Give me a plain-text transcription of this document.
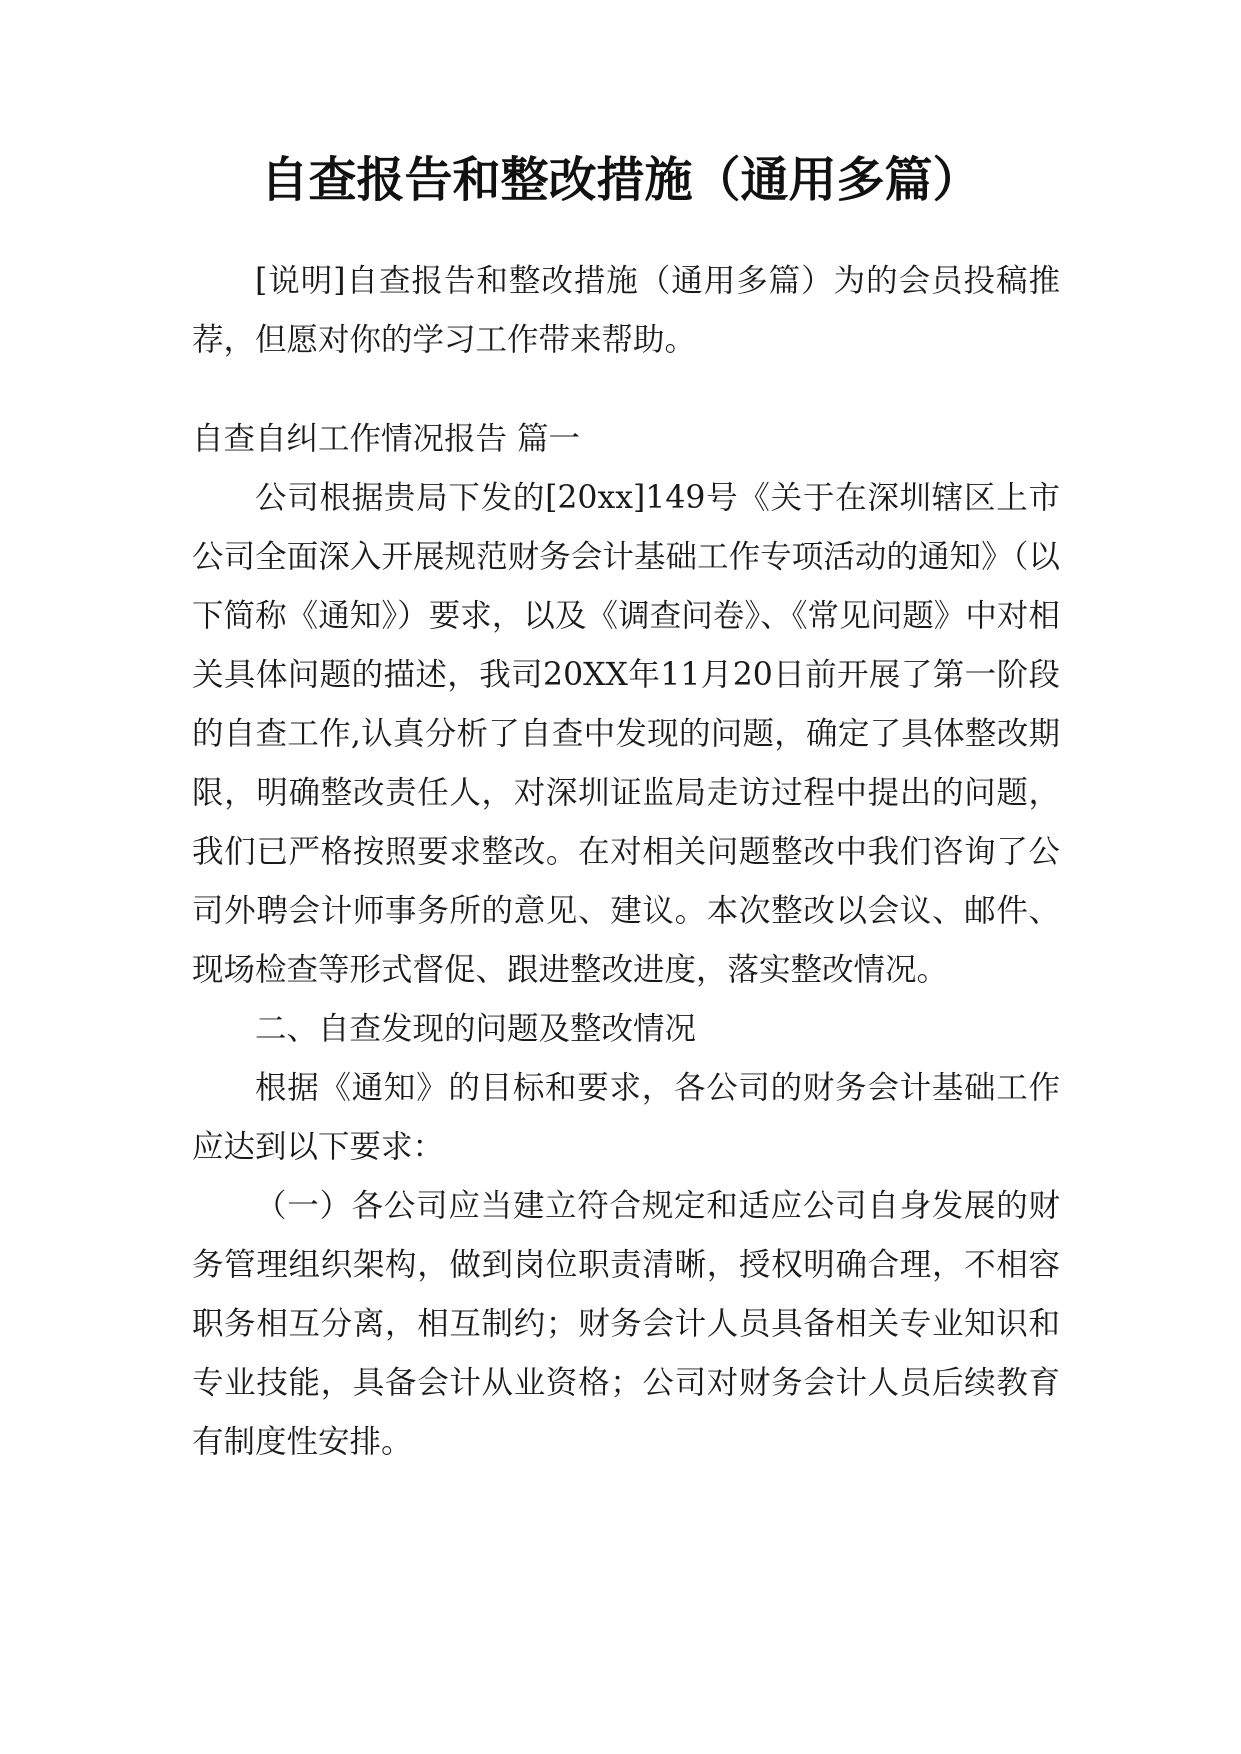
自查报告和整改措施（通用多篇）

[说明]自查报告和整改措施（通用多篇）为的会员投稿推荐，但愿对你的学习工作带来帮助。

自查自纠工作情况报告 篇一

公司根据贵局下发的[20xx]149号《关于在深圳辖区上市公司全面深入开展规范财务会计基础工作专项活动的通知》（以下简称《通知》）要求，以及《调查问卷》、《常见问题》中对相关具体问题的描述，我司20XX年11月20日前开展了第一阶段的自查工作,认真分析了自查中发现的问题，确定了具体整改期限，明确整改责任人，对深圳证监局走访过程中提出的问题，我们已严格按照要求整改。在对相关问题整改中我们咨询了公司外聘会计师事务所的意见、建议。本次整改以会议、邮件、现场检查等形式督促、跟进整改进度，落实整改情况。

二、自查发现的问题及整改情况

根据《通知》的目标和要求，各公司的财务会计基础工作应达到以下要求：

（一）各公司应当建立符合规定和适应公司自身发展的财务管理组织架构，做到岗位职责清晰，授权明确合理，不相容职务相互分离，相互制约；财务会计人员具备相关专业知识和专业技能，具备会计从业资格；公司对财务会计人员后续教育有制度性安排。
